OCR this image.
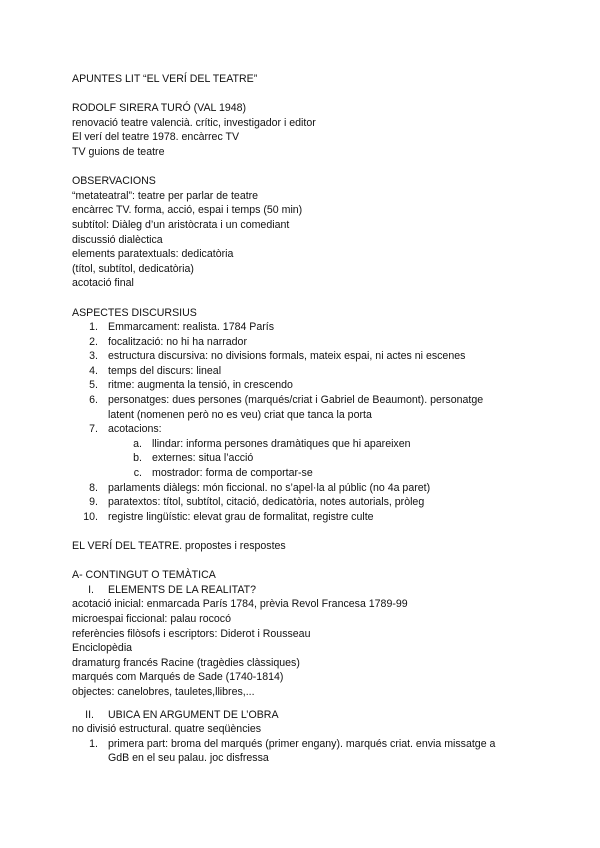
APUNTES LIT “EL VERÍ DEL TEATRE”
RODOLF SIRERA TURÓ (VAL 1948)
renovació teatre valencià. crític, investigador i editor
El verí del teatre 1978. encàrrec TV
TV guions de teatre
OBSERVACIONS
“metateatral”: teatre per parlar de teatre
encàrrec TV. forma, acció, espai i temps (50 min)
subtítol: Diàleg d’un aristòcrata i un comediant
discussió dialèctica
elements paratextuals: dedicatòria
(títol, subtítol, dedicatòria)
acotació final
ASPECTES DISCURSIUS
1. Emmarcament: realista. 1784 París
2. focalització: no hi ha narrador
3. estructura discursiva: no divisions formals, mateix espai, ni actes ni escenes
4. temps del discurs: lineal
5. ritme: augmenta la tensió, in crescendo
6. personatges: dues persones (marqués/criat i Gabriel de Beaumont). personatge
latent (nomenen però no es veu) criat que tanca la porta
7. acotacions:
a. llindar: informa persones dramàtiques que hi apareixen
b. externes: situa l’acció
c. mostrador: forma de comportar-se
8. parlaments diàlegs: món ficcional. no s’apel·la al públic (no 4a paret)
9. paratextos: títol, subtítol, citació, dedicatòria, notes autorials, pròleg
10. registre lingüístic: elevat grau de formalitat, registre culte
EL VERÍ DEL TEATRE. propostes i respostes
A- CONTINGUT O TEMÀTICA
I. ELEMENTS DE LA REALITAT?
acotació inicial: enmarcada París 1784, prèvia Revol Francesa 1789-99
microespai ficcional: palau rococó
referències filòsofs i escriptors: Diderot i Rousseau
Enciclopèdia
dramaturg francés Racine (tragèdies clàssiques)
marqués com Marqués de Sade (1740-1814)
objectes: canelobres, tauletes,llibres,...
II. UBICA EN ARGUMENT DE L’OBRA
no divisió estructural. quatre seqüències
1. primera part: broma del marqués (primer engany). marqués criat. envia missatge a
GdB en el seu palau. joc disfressa
